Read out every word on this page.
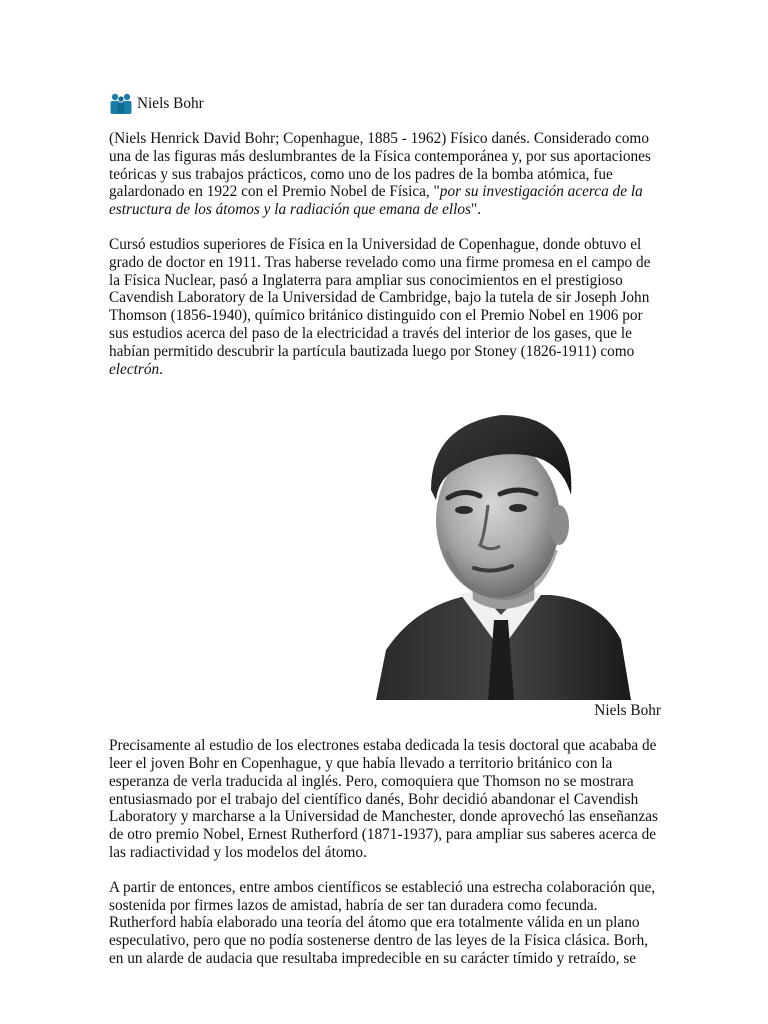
Niels Bohr

(Niels Henrick David Bohr; Copenhague, 1885 - 1962) Físico danés. Considerado como una de las figuras más deslumbrantes de la Física contemporánea y, por sus aportaciones teóricas y sus trabajos prácticos, como uno de los padres de la bomba atómica, fue galardonado en 1922 con el Premio Nobel de Física, "por su investigación acerca de la estructura de los átomos y la radiación que emana de ellos".

Cursó estudios superiores de Física en la Universidad de Copenhague, donde obtuvo el grado de doctor en 1911. Tras haberse revelado como una firme promesa en el campo de la Física Nuclear, pasó a Inglaterra para ampliar sus conocimientos en el prestigioso Cavendish Laboratory de la Universidad de Cambridge, bajo la tutela de sir Joseph John Thomson (1856-1940), químico británico distinguido con el Premio Nobel en 1906 por sus estudios acerca del paso de la electricidad a través del interior de los gases, que le habían permitido descubrir la partícula bautizada luego por Stoney (1826-1911) como electrón.

Niels Bohr

Precisamente al estudio de los electrones estaba dedicada la tesis doctoral que acababa de leer el joven Bohr en Copenhague, y que había llevado a territorio británico con la esperanza de verla traducida al inglés. Pero, comoquiera que Thomson no se mostrara entusiasmado por el trabajo del científico danés, Bohr decidió abandonar el Cavendish Laboratory y marcharse a la Universidad de Manchester, donde aprovechó las enseñanzas de otro premio Nobel, Ernest Rutherford (1871-1937), para ampliar sus saberes acerca de las radiactividad y los modelos del átomo.

A partir de entonces, entre ambos científicos se estableció una estrecha colaboración que, sostenida por firmes lazos de amistad, habría de ser tan duradera como fecunda. Rutherford había elaborado una teoría del átomo que era totalmente válida en un plano especulativo, pero que no podía sostenerse dentro de las leyes de la Física clásica. Borh, en un alarde de audacia que resultaba impredecible en su carácter tímido y retraído, se
